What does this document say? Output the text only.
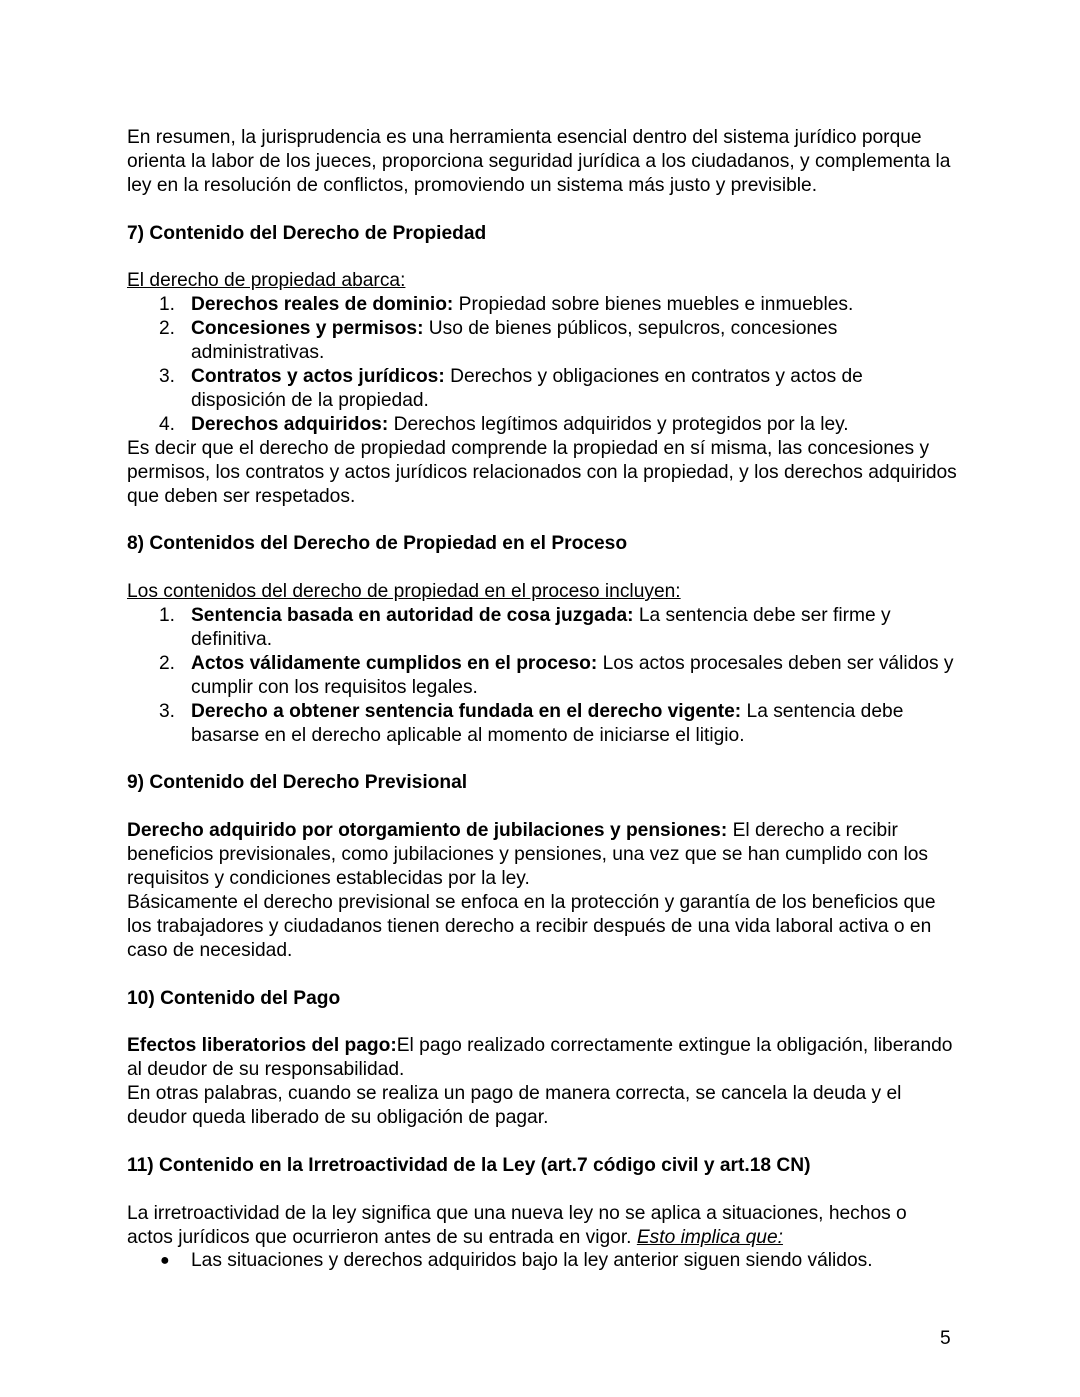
En resumen, la jurisprudencia es una herramienta esencial dentro del sistema jurídico porque orienta la labor de los jueces, proporciona seguridad jurídica a los ciudadanos, y complementa la ley en la resolución de conflictos, promoviendo un sistema más justo y previsible.

7) Contenido del Derecho de Propiedad

El derecho de propiedad abarca:

1. Derechos reales de dominio: Propiedad sobre bienes muebles e inmuebles.
2. Concesiones y permisos: Uso de bienes públicos, sepulcros, concesiones administrativas.
3. Contratos y actos jurídicos: Derechos y obligaciones en contratos y actos de disposición de la propiedad.
4. Derechos adquiridos: Derechos legítimos adquiridos y protegidos por la ley.

Es decir que el derecho de propiedad comprende la propiedad en sí misma, las concesiones y permisos, los contratos y actos jurídicos relacionados con la propiedad, y los derechos adquiridos que deben ser respetados.

8) Contenidos del Derecho de Propiedad en el Proceso

Los contenidos del derecho de propiedad en el proceso incluyen:

1. Sentencia basada en autoridad de cosa juzgada: La sentencia debe ser firme y definitiva.
2. Actos válidamente cumplidos en el proceso: Los actos procesales deben ser válidos y cumplir con los requisitos legales.
3. Derecho a obtener sentencia fundada en el derecho vigente: La sentencia debe basarse en el derecho aplicable al momento de iniciarse el litigio.
9) Contenido del Derecho Previsional

Derecho adquirido por otorgamiento de jubilaciones y pensiones: El derecho a recibir beneficios previsionales, como jubilaciones y pensiones, una vez que se han cumplido con los requisitos y condiciones establecidas por la ley.

Básicamente el derecho previsional se enfoca en la protección y garantía de los beneficios que los trabajadores y ciudadanos tienen derecho a recibir después de una vida laboral activa o en caso de necesidad.

10) Contenido del Pago

Efectos liberatorios del pago:El pago realizado correctamente extingue la obligación, liberando al deudor de su responsabilidad.

En otras palabras, cuando se realiza un pago de manera correcta, se cancela la deuda y el deudor queda liberado de su obligación de pagar.

11) Contenido en la Irretroactividad de la Ley (art.7 código civil y art.18 CN)

La irretroactividad de la ley significa que una nueva ley no se aplica a situaciones, hechos o actos jurídicos que ocurrieron antes de su entrada en vigor. Esto implica que:

● Las situaciones y derechos adquiridos bajo la ley anterior siguen siendo válidos.
5
